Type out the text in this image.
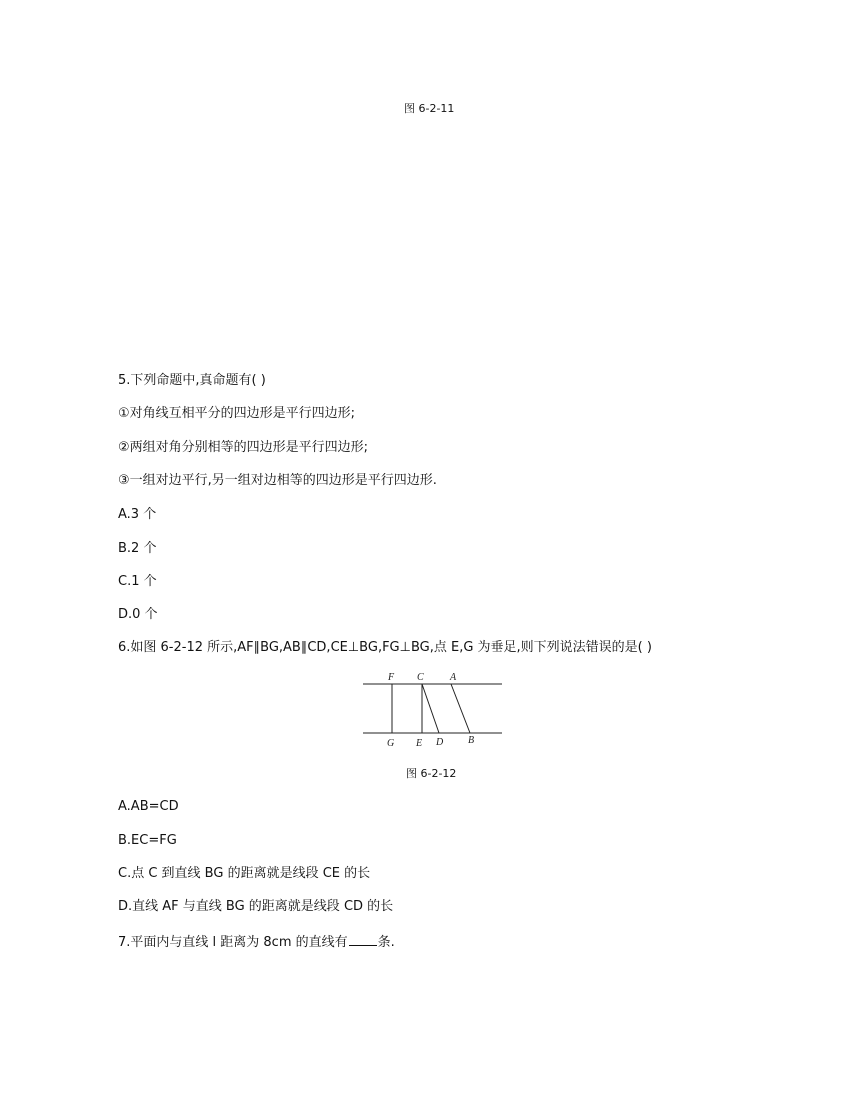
图 6-2-11
5.下列命题中,真命题有( )
①对角线互相平分的四边形是平行四边形;
②两组对角分别相等的四边形是平行四边形;
③一组对边平行,另一组对边相等的四边形是平行四边形.
A.3 个
B.2 个
C.1 个
D.0 个
6.如图 6-2-12 所示,AF∥BG,AB∥CD,CE⊥BG,FG⊥BG,点 E,G 为垂足,则下列说法错误的是( )
F C	A
G E D B
图 6-2-12
A.AB=CD
B.EC=FG
C.点 C 到直线 BG 的距离就是线段 CE 的长
D.直线 AF 与直线 BG 的距离就是线段 CD 的长
7.平面内与直线 l 距离为 8cm 的直线有 条.
